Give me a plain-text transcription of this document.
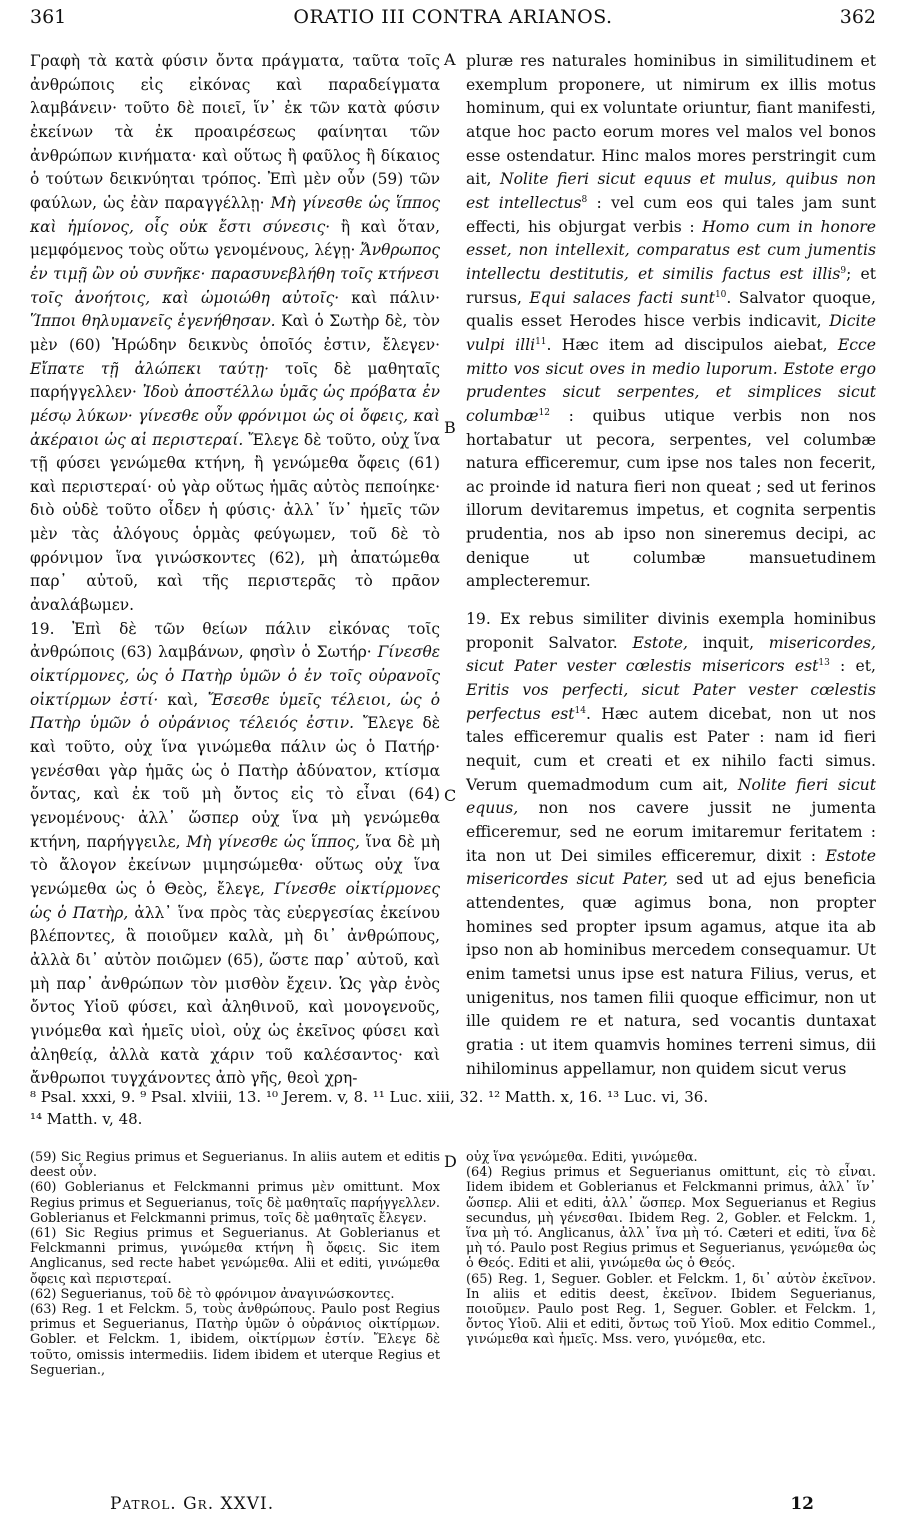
361	ORATIO III CONTRA ARIANOS.	362

Γραφὴ τὰ κατὰ φύσιν ὄντα πράγματα, ταῦτα τοῖς ἀνθρώποις εἰς εἰκόνας καὶ παραδείγματα λαμβάνειν· τοῦτο δὲ ποιεῖ, ἵν᾽ ἐκ τῶν κατὰ φύσιν ἐκείνων τὰ ἐκ προαιρέσεως φαίνηται τῶν ἀνθρώπων κινήματα· καὶ οὕτως ἢ φαῦλος ἢ δίκαιος ὁ τούτων δεικνύηται τρόπος. Ἐπὶ μὲν οὖν (59) τῶν φαύλων, ὡς ἐὰν παραγγέλλῃ· Μὴ γίνεσθε ὡς ἵππος καὶ ἡμίονος, οἷς οὐκ ἔστι σύνεσις· ἢ καὶ ὅταν, μεμφόμενος τοὺς οὕτω γενομένους, λέγῃ· Ἄνθρωπος ἐν τιμῇ ὢν οὐ συνῆκε· παρασυνεβλήθη τοῖς κτήνεσι τοῖς ἀνοήτοις, καὶ ὡμοιώθη αὐτοῖς· καὶ πάλιν· Ἵπποι θηλυμανεῖς ἐγενήθησαν. Καὶ ὁ Σωτὴρ δὲ, τὸν μὲν (60) Ἡρώδην δεικνὺς ὁποῖός ἐστιν, ἔλεγεν· Εἴπατε τῇ ἀλώπεκι ταύτῃ· τοῖς δὲ μαθηταῖς παρήγγελλεν· Ἰδοὺ ἀποστέλλω ὑμᾶς ὡς πρόβατα ἐν μέσῳ λύκων· γίνεσθε οὖν φρόνιμοι ὡς οἱ ὄφεις, καὶ ἀκέραιοι ὡς αἱ περιστεραί. Ἔλεγε δὲ τοῦτο, οὐχ ἵνα τῇ φύσει γενώμεθα κτήνη, ἢ γενώμεθα ὄφεις (61) καὶ περιστεραί· οὐ γὰρ οὕτως ἡμᾶς αὐτὸς πεποίηκε· διὸ οὐδὲ τοῦτο οἶδεν ἡ φύσις· ἀλλ᾽ ἵν᾽ ἡμεῖς τῶν μὲν τὰς ἀλόγους ὁρμὰς φεύγωμεν, τοῦ δὲ τὸ φρόνιμον ἵνα γινώσκοντες (62), μὴ ἀπατώμεθα παρ᾽ αὐτοῦ, καὶ τῆς περιστερᾶς τὸ πρᾶον ἀναλάβωμεν.

19. Ἐπὶ δὲ τῶν θείων πάλιν εἰκόνας τοῖς ἀνθρώποις (63) λαμβάνων, φησὶν ὁ Σωτήρ· Γίνεσθε οἰκτίρμονες, ὡς ὁ Πατὴρ ὑμῶν ὁ ἐν τοῖς οὐρανοῖς οἰκτίρμων ἐστί· καὶ, Ἔσεσθε ὑμεῖς τέλειοι, ὡς ὁ Πατὴρ ὑμῶν ὁ οὐράνιος τέλειός ἐστιν. Ἔλεγε δὲ καὶ τοῦτο, οὐχ ἵνα γινώμεθα πάλιν ὡς ὁ Πατήρ· γενέσθαι γὰρ ἡμᾶς ὡς ὁ Πατὴρ ἀδύνατον, κτίσμα ὄντας, καὶ ἐκ τοῦ μὴ ὄντος εἰς τὸ εἶναι (64) γενομένους· ἀλλ᾽ ὥσπερ οὐχ ἵνα μὴ γενώμεθα κτήνη, παρήγγειλε, Μὴ γίνεσθε ὡς ἵππος, ἵνα δὲ μὴ τὸ ἄλογον ἐκείνων μιμησώμεθα· οὕτως οὐχ ἵνα γενώμεθα ὡς ὁ Θεὸς, ἔλεγε, Γίνεσθε οἰκτίρμονες ὡς ὁ Πατὴρ, ἀλλ᾽ ἵνα πρὸς τὰς εὐεργεσίας ἐκείνου βλέποντες, ἃ ποιοῦμεν καλὰ, μὴ δι᾽ ἀνθρώπους, ἀλλὰ δι᾽ αὐτὸν ποιῶμεν (65), ὥστε παρ᾽ αὐτοῦ, καὶ μὴ παρ᾽ ἀνθρώπων τὸν μισθὸν ἔχειν. Ὡς γὰρ ἑνὸς ὄντος Υἱοῦ φύσει, καὶ ἀληθινοῦ, καὶ μονογενοῦς, γινόμεθα καὶ ἡμεῖς υἱοὶ, οὐχ ὡς ἐκεῖνος φύσει καὶ ἀληθείᾳ, ἀλλὰ κατὰ χάριν τοῦ καλέσαντος· καὶ ἄνθρωποι τυγχάνοντες ἀπὸ γῆς, θεοὶ χρη-

A
B
C
D

pluræ res naturales hominibus in similitudinem et exemplum proponere, ut nimirum ex illis motus hominum, qui ex voluntate oriuntur, fiant manifesti, atque hoc pacto eorum mores vel malos vel bonos esse ostendatur. Hinc malos mores perstringit cum ait, Nolite fieri sicut equus et mulus, quibus non est intellectus$^8$ : vel cum eos qui tales jam sunt effecti, his objurgat verbis : Homo cum in honore esset, non intellexit, comparatus est cum jumentis intellectu destitutis, et similis factus est illis$^9$; et rursus, Equi salaces facti sunt$^{10}$. Salvator quoque, qualis esset Herodes hisce verbis indicavit, Dicite vulpi illi$^{11}$. Hæc item ad discipulos aiebat, Ecce mitto vos sicut oves in medio luporum. Estote ergo prudentes sicut serpentes, et simplices sicut columbæ$^{12}$ : quibus utique verbis non nos hortabatur ut pecora, serpentes, vel columbæ natura efficeremur, cum ipse nos tales non fecerit, ac proinde id natura fieri non queat ; sed ut ferinos illorum devitaremus impetus, et cognita serpentis prudentia, nos ab ipso non sineremus decipi, ac denique ut columbæ mansuetudinem amplecteremur.

19. Ex rebus similiter divinis exempla hominibus proponit Salvator. Estote, inquit, misericordes, sicut Pater vester cœlestis misericors est$^{13}$ : et, Eritis vos perfecti, sicut Pater vester cœlestis perfectus est$^{14}$. Hæc autem dicebat, non ut nos tales efficeremur qualis est Pater : nam id fieri nequit, cum et creati et ex nihilo facti simus. Verum quemadmodum cum ait, Nolite fieri sicut equus, non nos cavere jussit ne jumenta efficeremur, sed ne eorum imitaremur feritatem : ita non ut Dei similes efficeremur, dixit : Estote misericordes sicut Pater, sed ut ad ejus beneficia attendentes, quæ agimus bona, non propter homines sed propter ipsum agamus, atque ita ab ipso non ab hominibus mercedem consequamur. Ut enim tametsi unus ipse est natura Filius, verus, et unigenitus, nos tamen filii quoque efficimur, non ut ille quidem re et natura, sed vocantis duntaxat gratia : ut item quamvis homines terreni simus, dii nihilominus appellamur, non quidem sicut verus

⁸ Psal. xxxi, 9. ⁹ Psal. xlviii, 13. ¹⁰ Jerem. v, 8. ¹¹ Luc. xiii, 32. ¹² Matth. x, 16. ¹³ Luc. vi, 36.

¹⁴ Matth. v, 48.

(59) Sic Regius primus et Seguerianus. In aliis autem et editis deest οὖν.

(60) Goblerianus et Felckmanni primus μὲν omittunt. Mox Regius primus et Seguerianus, τοῖς δὲ μαθηταῖς παρήγγελλεν. Goblerianus et Felckmanni primus, τοῖς δὲ μαθηταῖς ἔλεγεν.

(61) Sic Regius primus et Seguerianus. At Goblerianus et Felckmanni primus, γινώμεθα κτήνη ἢ ὄφεις. Sic item Anglicanus, sed recte habet γενώμεθα. Alii et editi, γινώμεθα ὄφεις καὶ περιστεραί.

(62) Seguerianus, τοῦ δὲ τὸ φρόνιμον ἀναγινώσκοντες.

(63) Reg. 1 et Felckm. 5, τοὺς ἀνθρώπους. Paulo post Regius primus et Seguerianus, Πατὴρ ὑμῶν ὁ οὐράνιος οἰκτίρμων. Gobler. et Felckm. 1, ibidem, οἰκτίρμων ἐστίν. Ἔλεγε δὲ τοῦτο, omissis intermediis. Iidem ibidem et uterque Regius et Seguerian.,

οὐχ ἵνα γενώμεθα. Editi, γινώμεθα.

(64) Regius primus et Seguerianus omittunt, εἰς τὸ εἶναι. Iidem ibidem et Goblerianus et Felckmanni primus, ἀλλ᾽ ἵν᾽ ὥσπερ. Alii et editi, ἀλλ᾽ ὥσπερ. Mox Seguerianus et Regius secundus, μὴ γένεσθαι. Ibidem Reg. 2, Gobler. et Felckm. 1, ἵνα μὴ τό. Anglicanus, ἀλλ᾽ ἵνα μὴ τό. Cæteri et editi, ἵνα δὲ μὴ τό. Paulo post Regius primus et Seguerianus, γενώμεθα ὡς ὁ Θεός. Editi et alii, γινώμεθα ὡς ὁ Θεός.

(65) Reg. 1, Seguer. Gobler. et Felckm. 1, δι᾽ αὐτὸν ἐκεῖνον. In aliis et editis deest, ἐκεῖνον. Ibidem Seguerianus, ποιοῦμεν. Paulo post Reg. 1, Seguer. Gobler. et Felckm. 1, ὄντος Υἱοῦ. Alii et editi, ὄντως τοῦ Υἱοῦ. Mox editio Commel., γινώμεθα καὶ ἡμεῖς. Mss. vero, γινόμεθα, etc.

Patrol. Gr. XXVI.	12
